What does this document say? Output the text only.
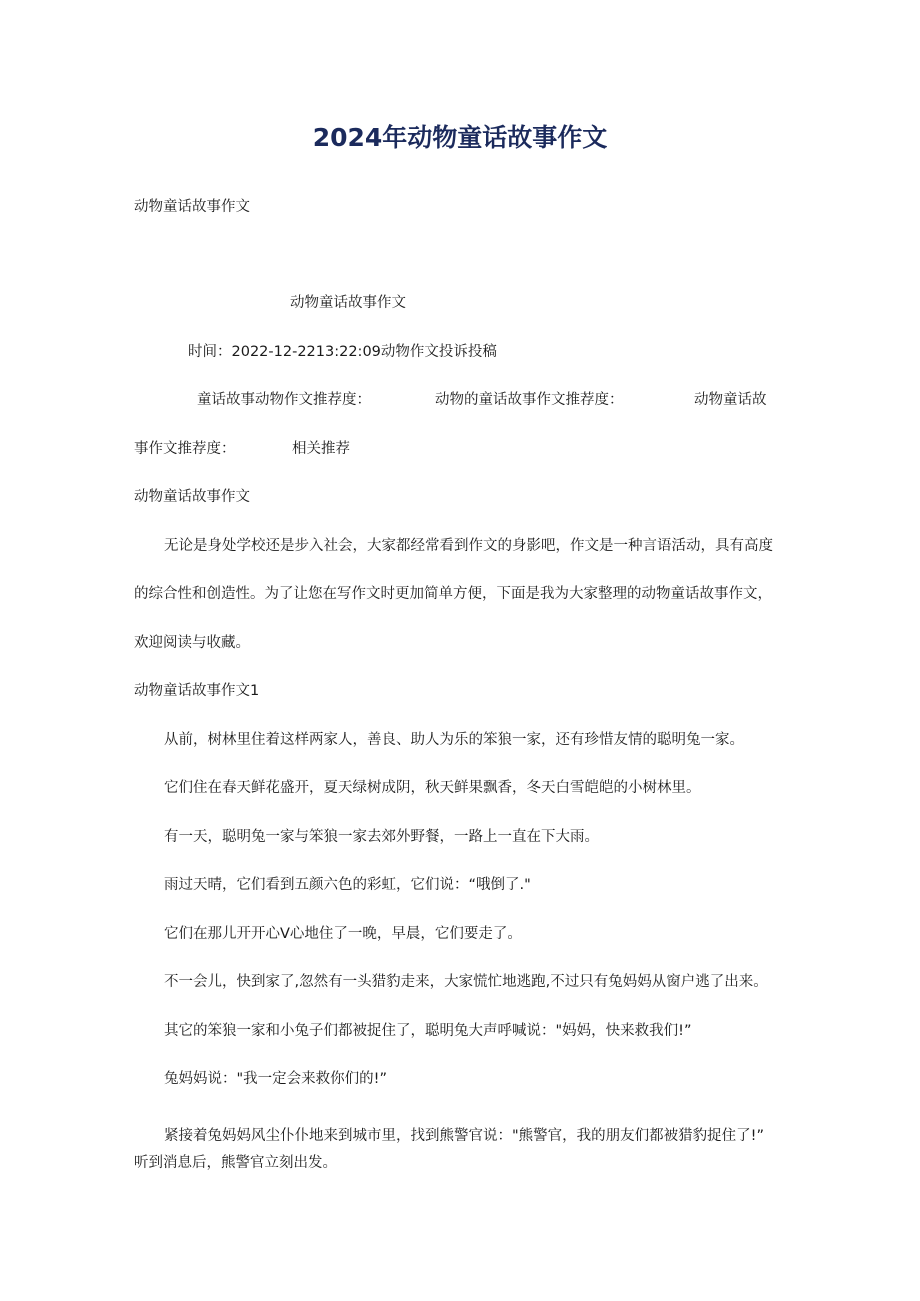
2024年动物童话故事作文
动物童话故事作文
动物童话故事作文
时间：2022-12-2213:22:09动物作文投诉投稿
童话故事动物作文推荐度：	动物的童话故事作文推荐度：	动物童话故
事作文推荐度：	相关推荐
动物童话故事作文
无论是身处学校还是步入社会，大家都经常看到作文的身影吧，作文是一种言语活动，具有高度
的综合性和创造性。为了让您在写作文时更加简单方便，下面是我为大家整理的动物童话故事作文，
欢迎阅读与收藏。
动物童话故事作文1
从前，树林里住着这样两家人，善良、助人为乐的笨狼一家，还有珍惜友情的聪明兔一家。
它们住在春天鲜花盛开，夏天绿树成阴，秋天鲜果飘香，冬天白雪皑皑的小树林里。
有一天，聪明兔一家与笨狼一家去郊外野餐，一路上一直在下大雨。
雨过天晴，它们看到五颜六色的彩虹，它们说：“哦倒了."
它们在那儿开开心V心地住了一晚，早晨，它们要走了。
不一会儿，快到家了,忽然有一头猎豹走来，大家慌忙地逃跑,不过只有兔妈妈从窗户逃了出来。
其它的笨狼一家和小兔子们都被捉住了，聪明兔大声呼喊说："妈妈，快来救我们!”
兔妈妈说："我一定会来救你们的!”
紧接着兔妈妈风尘仆仆地来到城市里，找到熊警官说："熊警官，我的朋友们都被猎豹捉住了!”
听到消息后，熊警官立刻出发。
